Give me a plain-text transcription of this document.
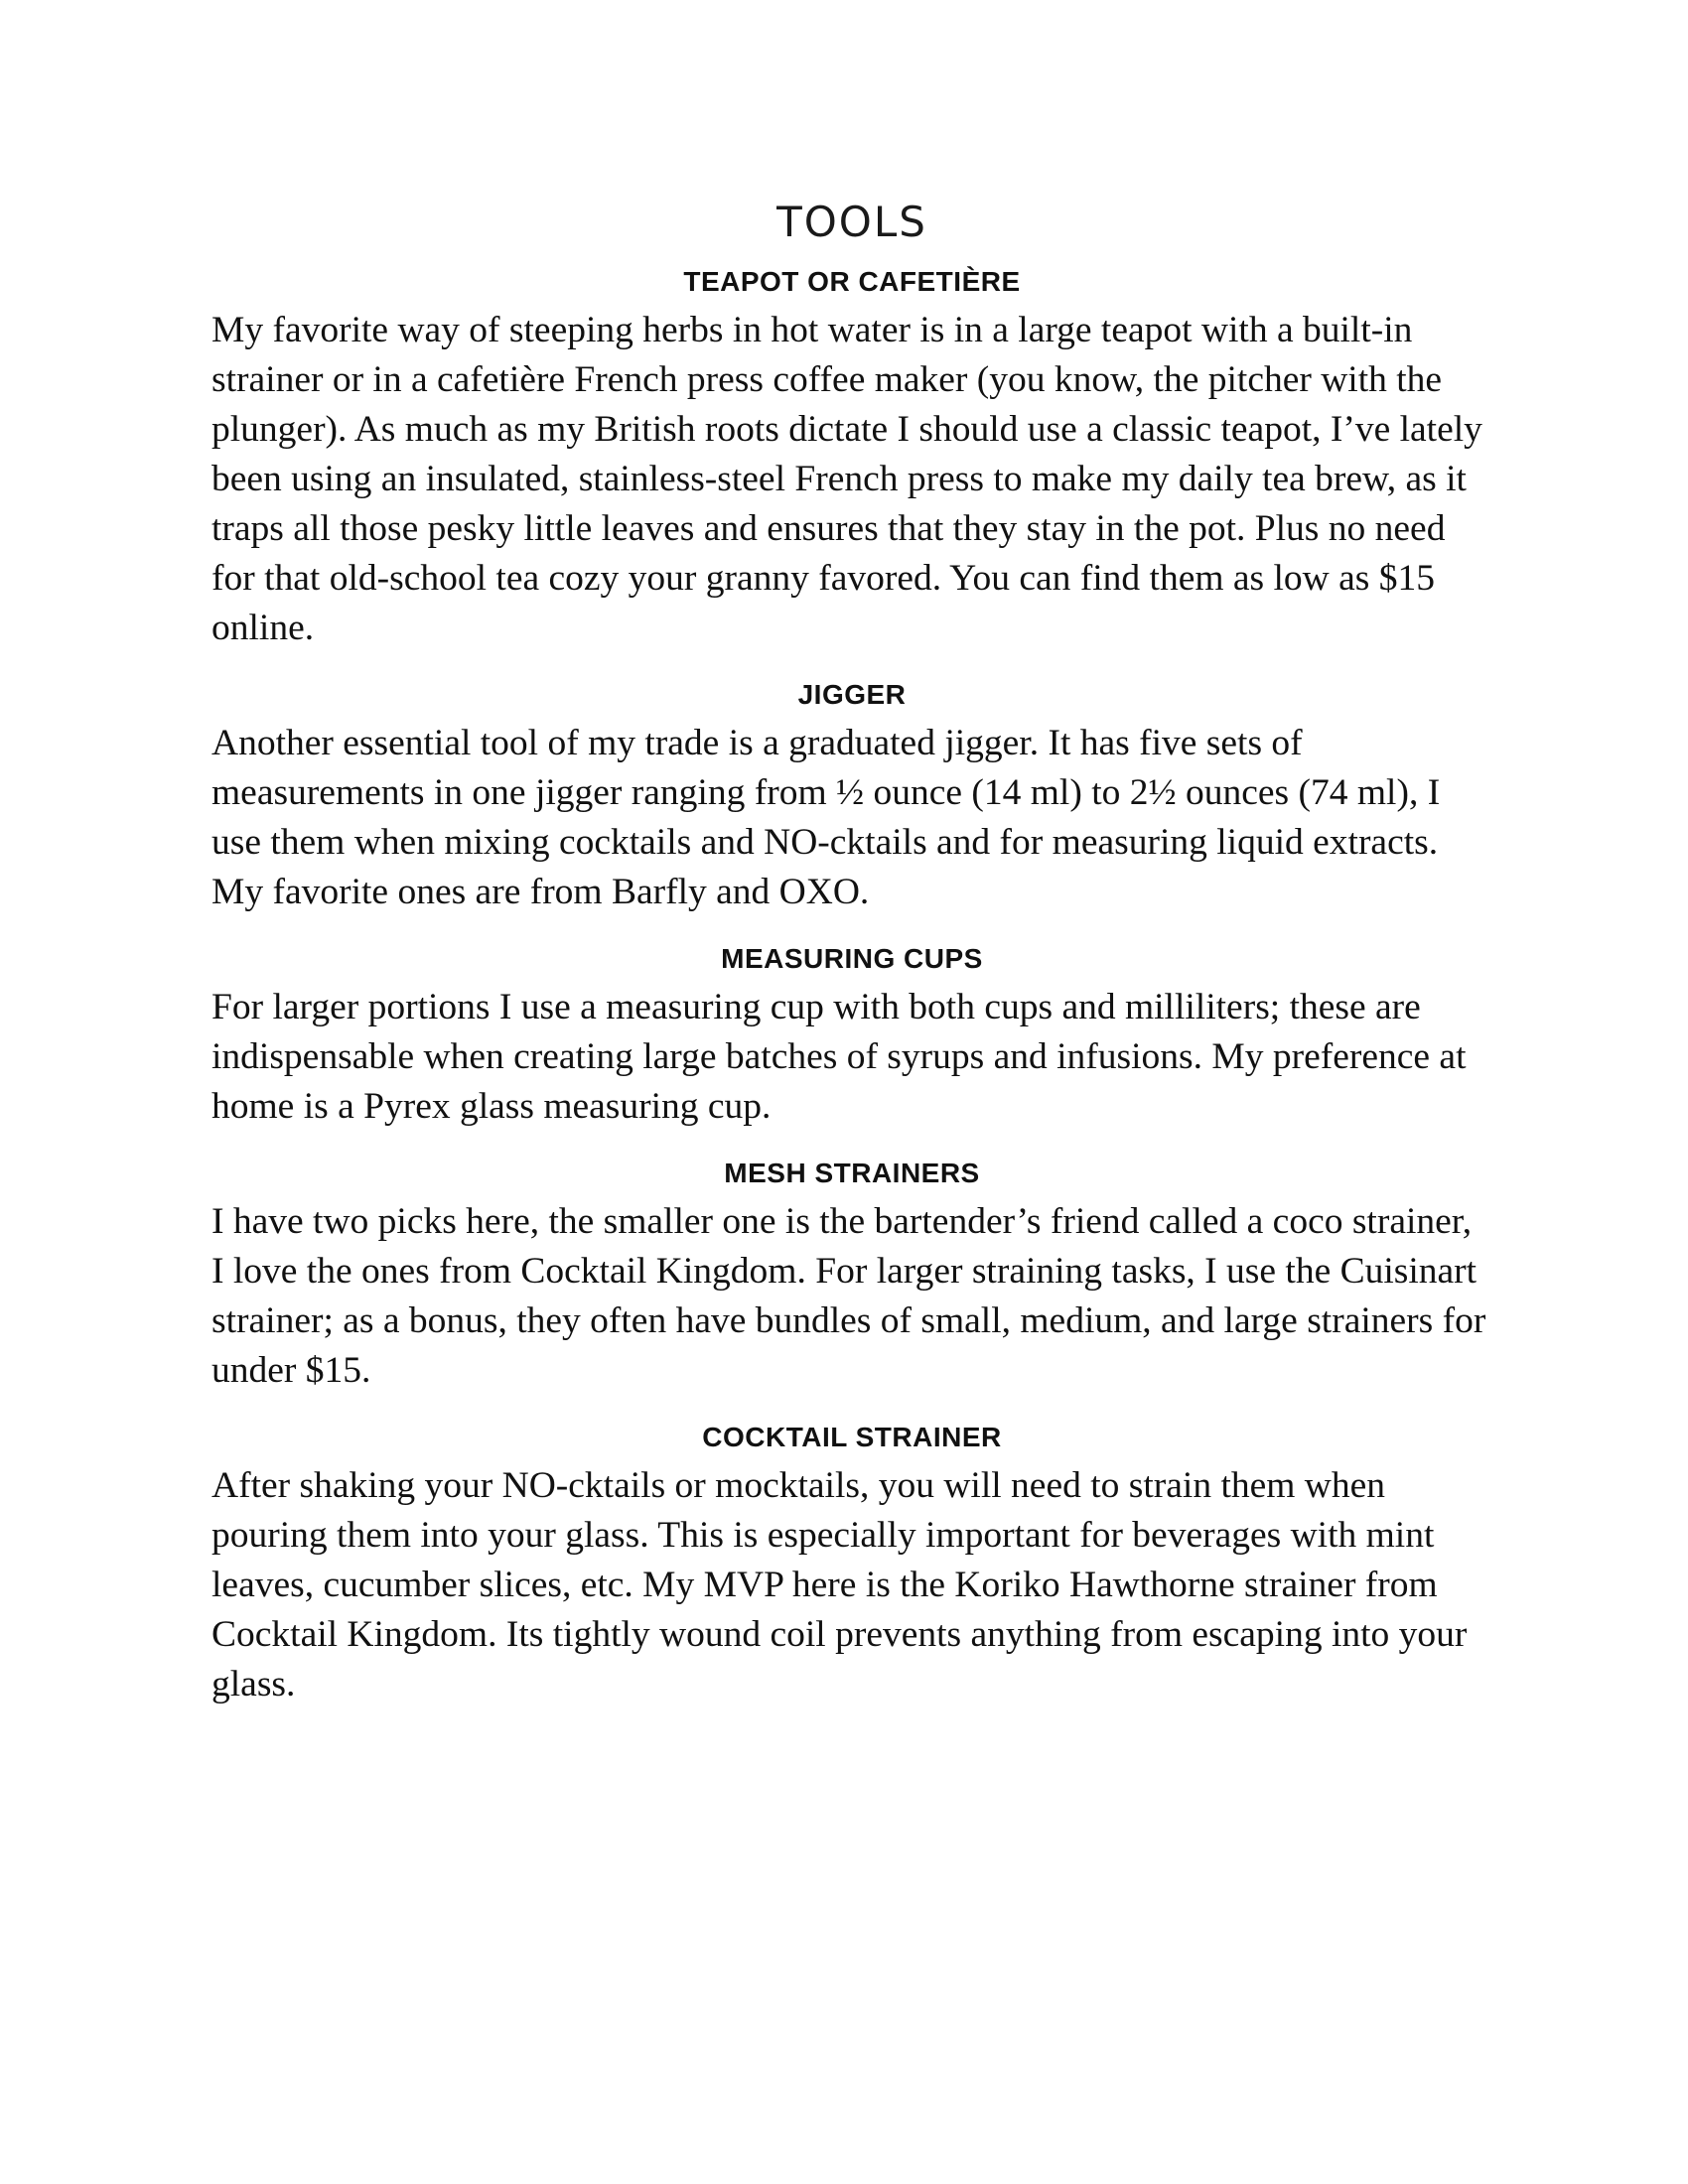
TOOLS
TEAPOT OR CAFETIÈRE

My favorite way of steeping herbs in hot water is in a large teapot with a built-in strainer or in a cafetière French press coffee maker (you know, the pitcher with the plunger). As much as my British roots dictate I should use a classic teapot, I’ve lately been using an insulated, stainless-steel French press to make my daily tea brew, as it traps all those pesky little leaves and ensures that they stay in the pot. Plus no need for that old-school tea cozy your granny favored. You can find them as low as $15 online.

JIGGER

Another essential tool of my trade is a graduated jigger. It has five sets of measurements in one jigger ranging from ½ ounce (14 ml) to 2½ ounces (74 ml), I use them when mixing cocktails and NO-cktails and for measuring liquid extracts. My favorite ones are from Barfly and OXO.

MEASURING CUPS

For larger portions I use a measuring cup with both cups and milliliters; these are indispensable when creating large batches of syrups and infusions. My preference at home is a Pyrex glass measuring cup.

MESH STRAINERS

I have two picks here, the smaller one is the bartender’s friend called a coco strainer, I love the ones from Cocktail Kingdom. For larger straining tasks, I use the Cuisinart strainer; as a bonus, they often have bundles of small, medium, and large strainers for under $15.

COCKTAIL STRAINER

After shaking your NO-cktails or mocktails, you will need to strain them when pouring them into your glass. This is especially important for beverages with mint leaves, cucumber slices, etc. My MVP here is the Koriko Hawthorne strainer from Cocktail Kingdom. Its tightly wound coil prevents anything from escaping into your glass.
